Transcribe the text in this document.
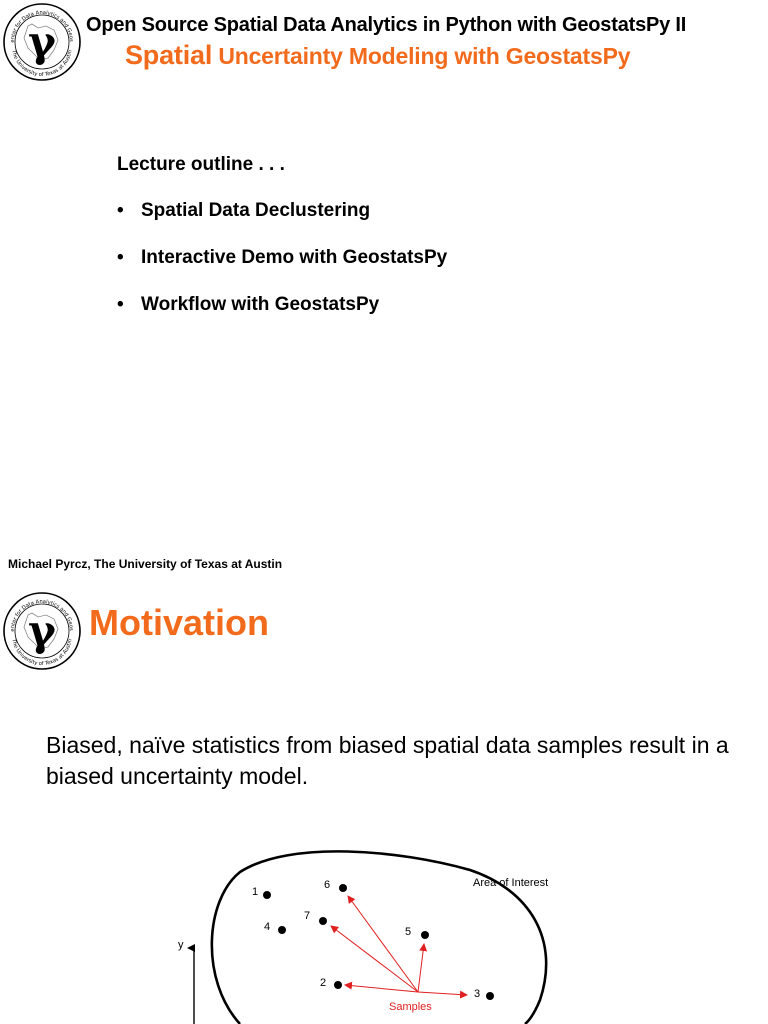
γ
enter for Data Analytics and Geos
The University of Texas at Austin
Open Source Spatial Data Analytics in Python with GeostatsPy II
Spatial Uncertainty Modeling with GeostatsPy
Lecture outline . . .
• Spatial Data Declustering
• Interactive Demo with GeostatsPy
• Workflow with GeostatsPy
Michael Pyrcz, The University of Texas at Austin
γ
enter for Data Analytics and Geos
The University of Texas at Austin Motivation
Biased, naïve statistics from biased spatial data samples result in a biased uncertainty model.
Area of Interest
y
Samples
1
2
3
4	5
6
7
